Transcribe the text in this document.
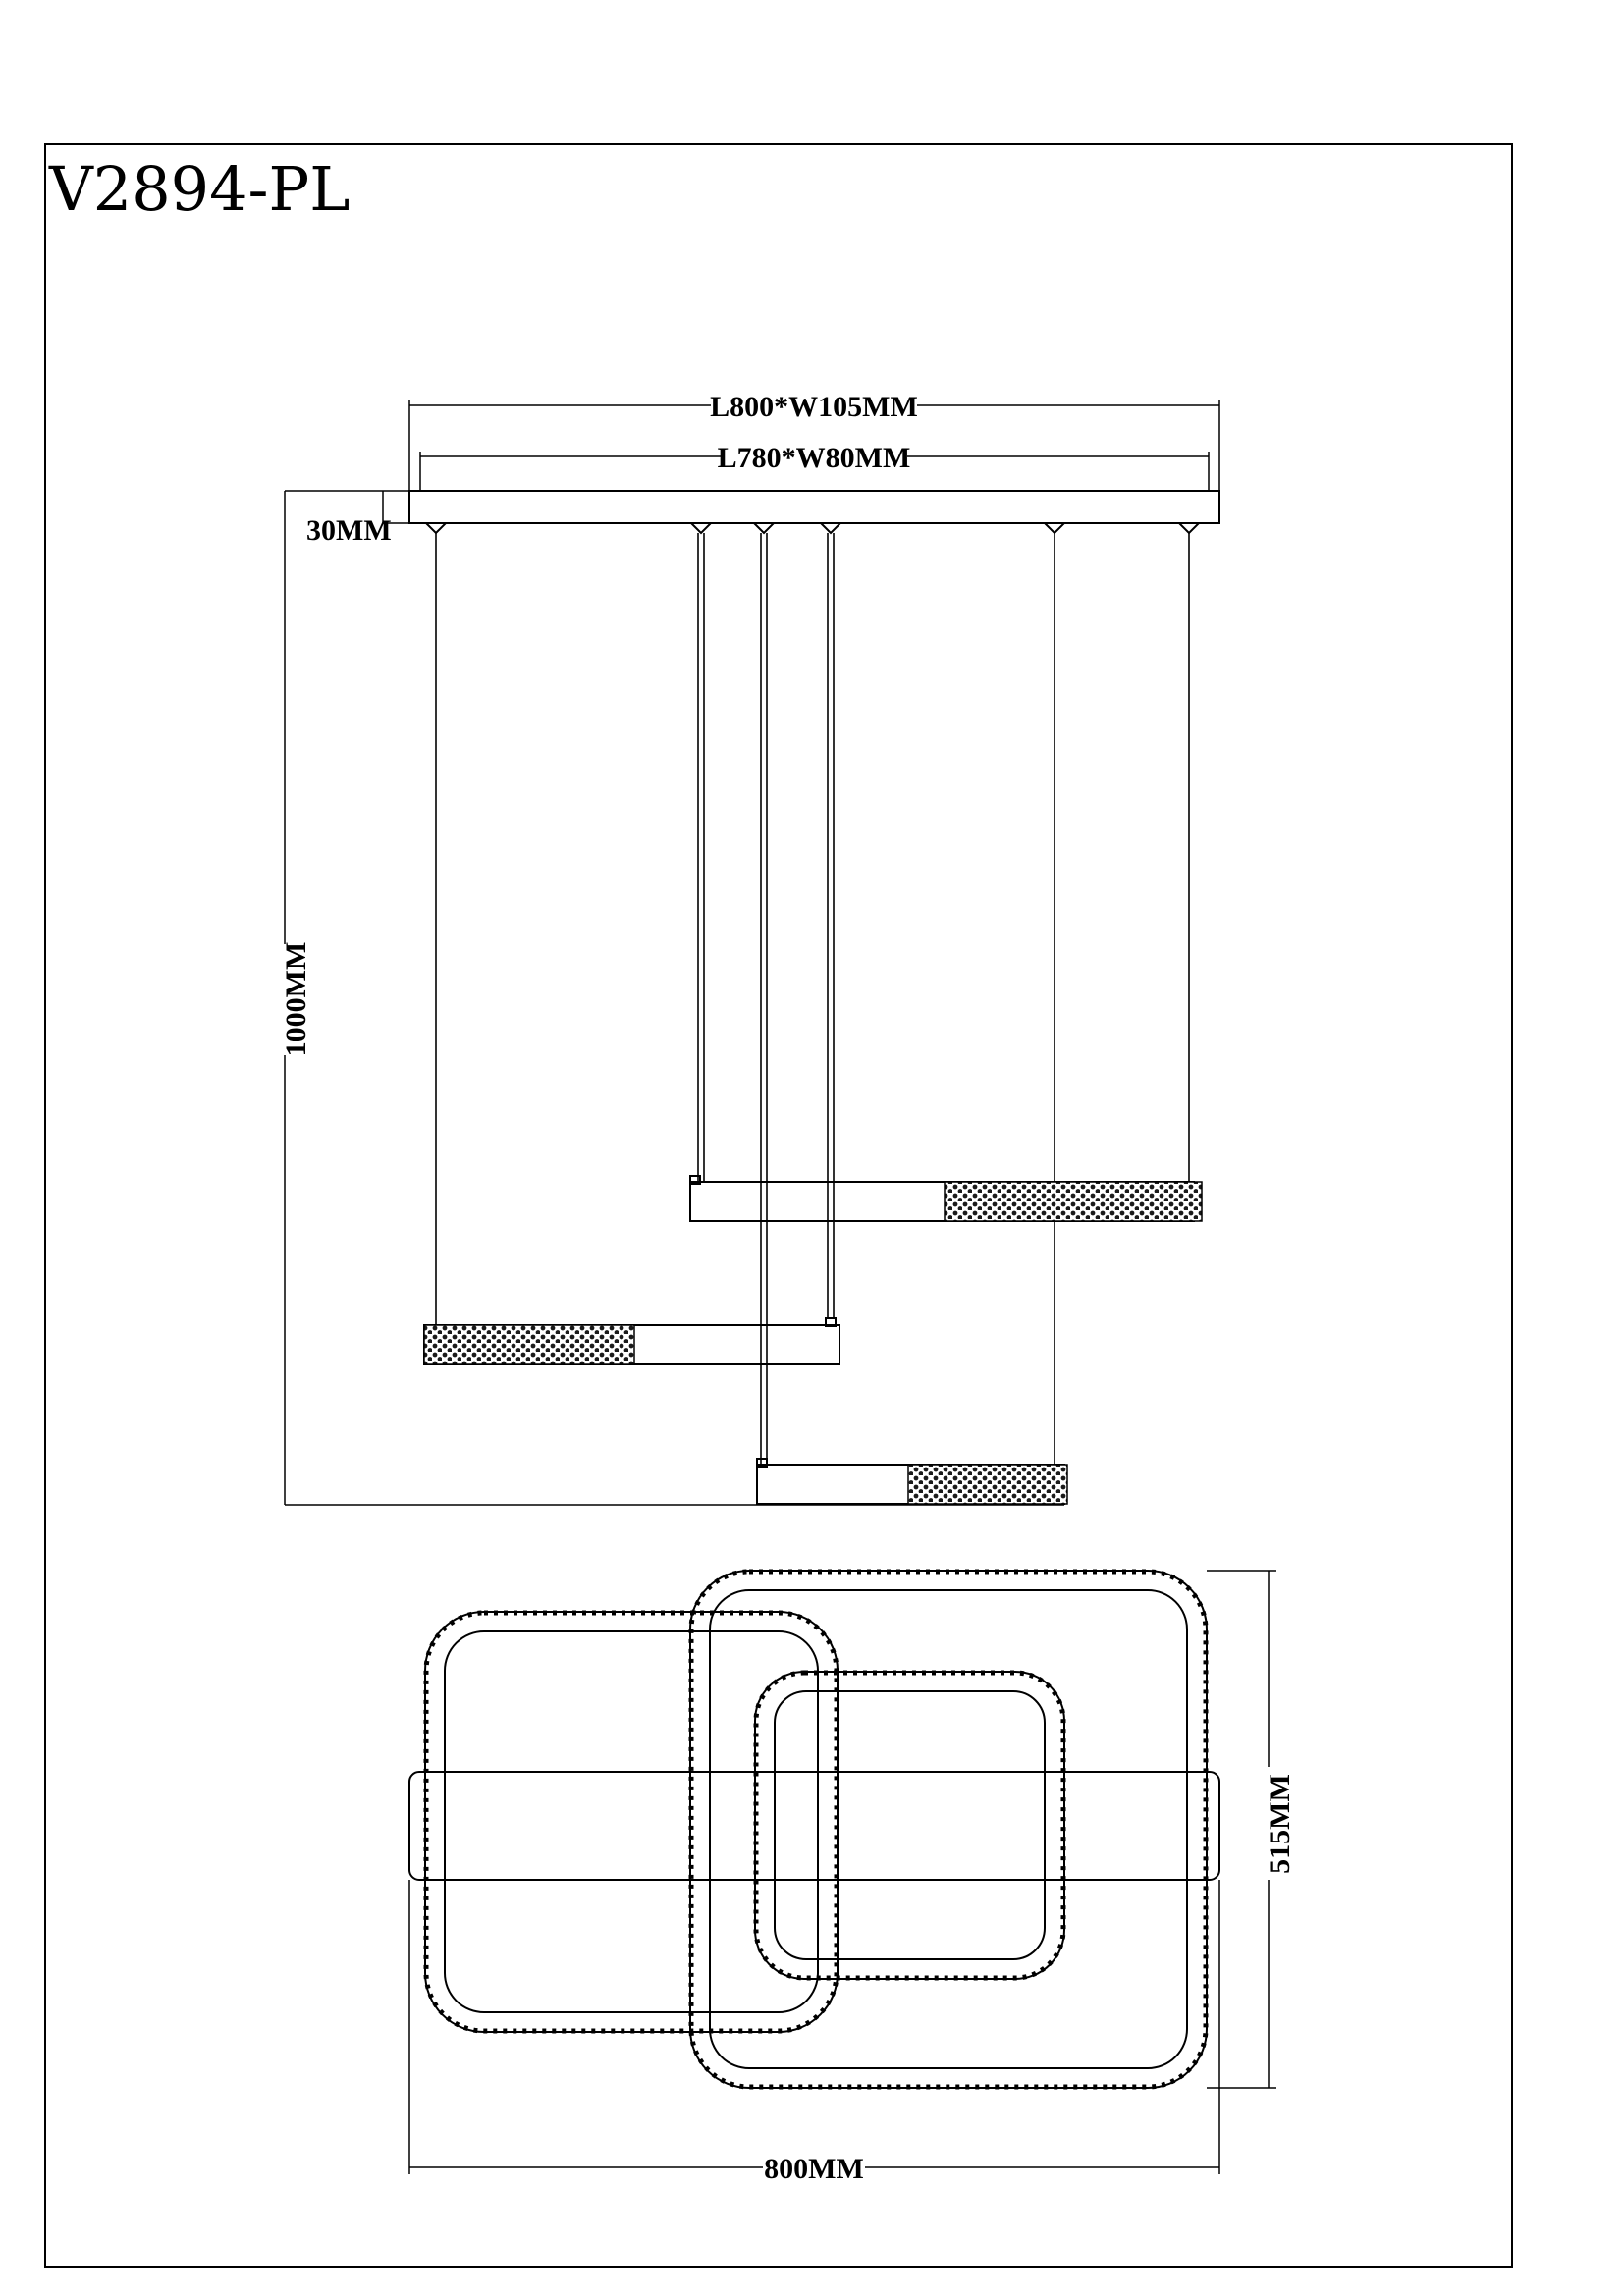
V2894-PL
L800*W105MM
L780*W80MM
30MM
1000MM
515MM
800MM
